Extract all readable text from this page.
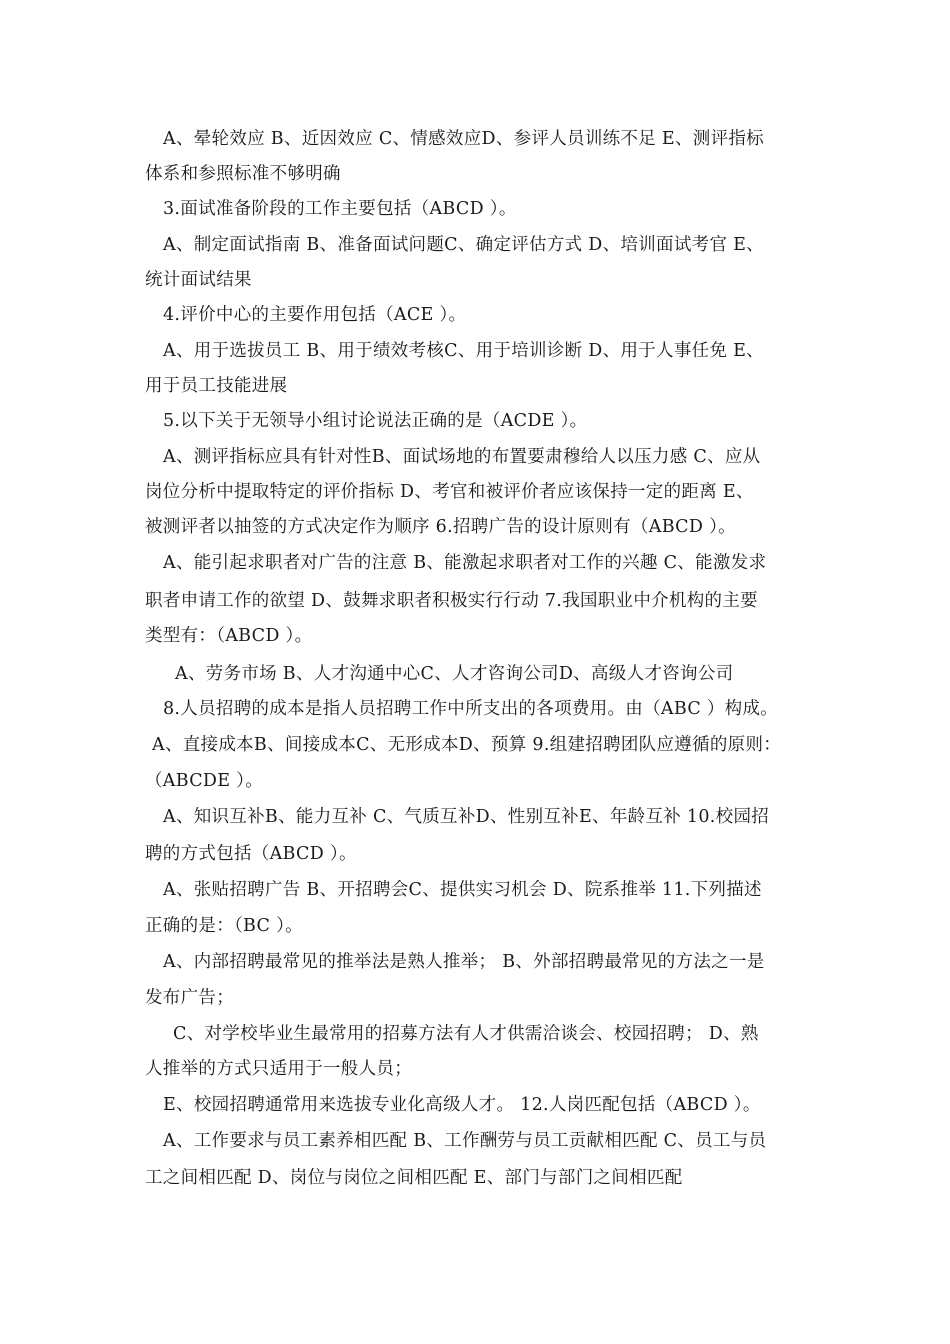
A、晕轮效应 B、近因效应 C、情感效应D、参评人员训练不足 E、测评指标
体系和参照标准不够明确
3.面试准备阶段的工作主要包括（ABCD ）。
A、制定面试指南 B、准备面试问题C、确定评估方式 D、培训面试考官 E、
统计面试结果
4.评价中心的主要作用包括（ACE ）。
A、用于选拔员工 B、用于绩效考核C、用于培训诊断 D、用于人事任免 E、
用于员工技能进展
5.以下关于无领导小组讨论说法正确的是（ACDE ）。
A、测评指标应具有针对性B、面试场地的布置要肃穆给人以压力感 C、应从
岗位分析中提取特定的评价指标 D、考官和被评价者应该保持一定的距离 E、
被测评者以抽签的方式决定作为顺序 6.招聘广告的设计原则有（ABCD ）。
A、能引起求职者对广告的注意 B、能激起求职者对工作的兴趣 C、能激发求
职者申请工作的欲望 D、鼓舞求职者积极实行行动 7.我国职业中介机构的主要
类型有：（ABCD ）。
A、劳务市场 B、人才沟通中心C、人才咨询公司D、高级人才咨询公司
8.人员招聘的成本是指人员招聘工作中所支出的各项费用。由（ABC ）构成。
A、直接成本B、间接成本C、无形成本D、预算 9.组建招聘团队应遵循的原则：
（ABCDE ）。
A、知识互补B、能力互补 C、气质互补D、性别互补E、年龄互补 10.校园招
聘的方式包括（ABCD ）。
A、张贴招聘广告 B、开招聘会C、提供实习机会 D、院系推举 11.下列描述
正确的是：（BC ）。
A、内部招聘最常见的推举法是熟人推举； B、外部招聘最常见的方法之一是
发布广告；
C、对学校毕业生最常用的招募方法有人才供需洽谈会、校园招聘； D、熟
人推举的方式只适用于一般人员；
E、校园招聘通常用来选拔专业化高级人才。 12.人岗匹配包括（ABCD ）。
A、工作要求与员工素养相匹配 B、工作酬劳与员工贡献相匹配 C、员工与员
工之间相匹配 D、岗位与岗位之间相匹配 E、部门与部门之间相匹配
